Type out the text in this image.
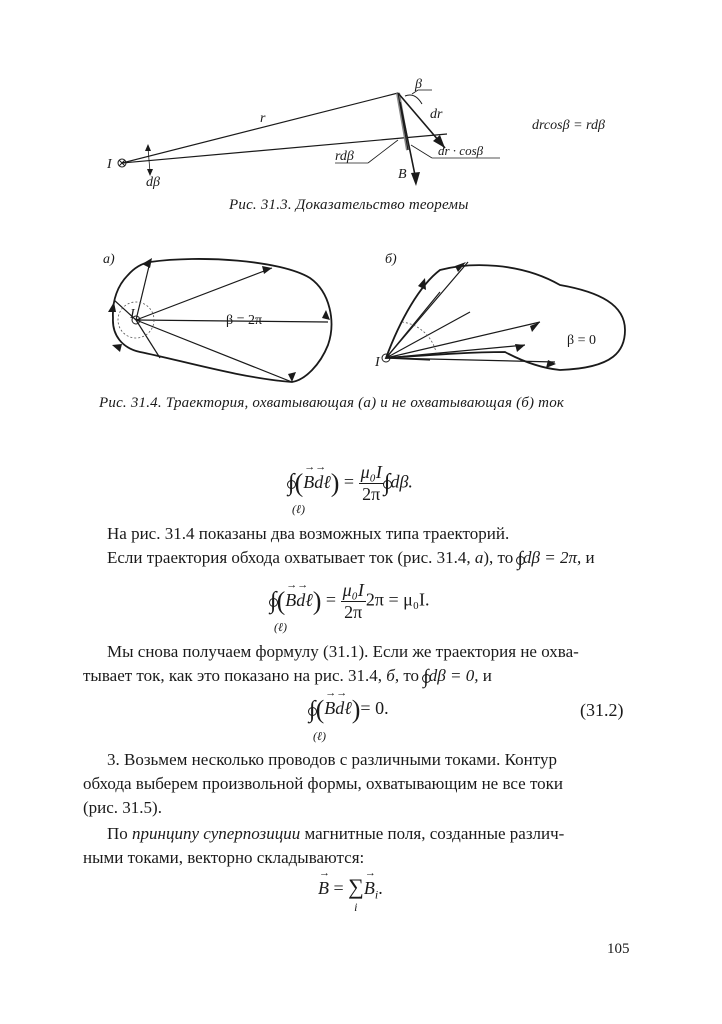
β
dr
r
I
dβ
rdβ	dr · cosβ
B
drcosβ = rdβ
Рис. 31.3. Доказательство теоремы
а)
I	β = 2π
б)
I
β = 0
Рис. 31.4. Траектория, охватывающая (а) и не охватывающая (б) ток
∫(→ B→ dℓ) = $\frac{\text{μ₀I}}{2\pi} \int d\beta$.
(ℓ)
На рис. 31.4 показаны два возможных типа траекторий.
Если траектория обхода охватывает ток (рис. 31.4, а), то ∫dβ = 2π, и
∫(→ B→ dℓ) = $\frac{\text{μ₀I}}{2\pi} 2\pi = \mu_0I$.
(ℓ)
Мы снова получаем формулу (31.1). Если же траектория не охва-
тывает ток, как это показано на рис. 31.4, б, то ∫dβ = 0, и
∫(→ B→ dℓ)= 0.
(ℓ)
(31.2)
3. Возьмем несколько проводов с различными токами. Контур
обхода выберем произвольной формы, охватывающим не все токи
(рис. 31.5).
По принципу суперпозиции магнитные поля, созданные различ-
ными токами, векторно складываются:
→ B = ∑
i
→ $B_i$.
105
